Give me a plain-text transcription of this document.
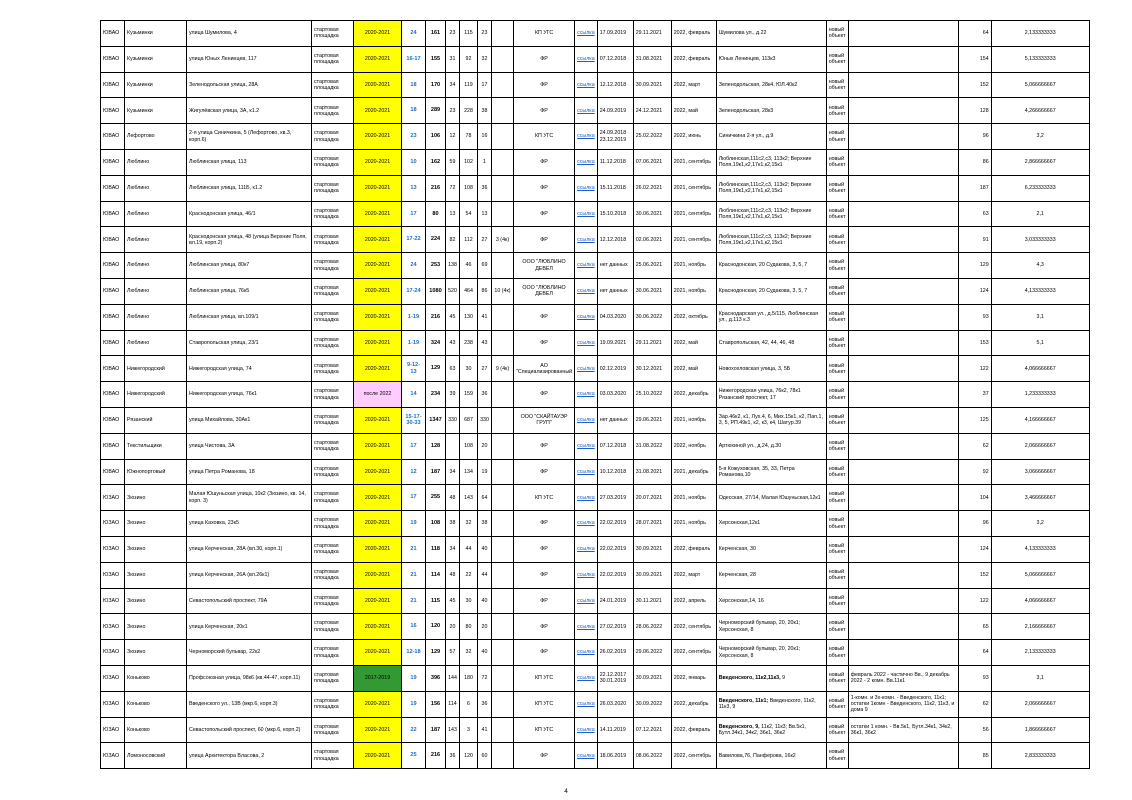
ЮВАО	Кузьминки	улица Шумилова, 4	стартовая площадка	2020-2021	24	161	23	115	23		КП УГС	ссылка	17.09.2019	29.11.2021	2022, февраль	Шумилова ул., д.22	новый объект		64	2,133333333
ЮВАО	Кузьминки	улица Юных Ленинцев, 117	стартовая площадка	2020-2021	16-17	155	31	92	32		ФР	ссылка	07.12.2018	31.08.2021	2022, февраль	Юных Ленинцев, 113к3	новый объект		154	5,133333333
ЮВАО	Кузьминки	Зеленодольская улица, 28А	стартовая площадка	2020-2021	18	170	34	119	17		ФР	ссылка	12.12.2018	30.09.2021	2022, март	Зеленодольская, 28к4, ЮЛ.40к2	новый объект		152	5,066666667
ЮВАО	Кузьминки	Жигулёвская улица, 3А, к1.2	стартовая площадка	2020-2021	18	289	23	228	38		ФР	ссылка	24.09.2019	24.12.2021	2022, май	Зеленодольская, 28к3	новый объект		128	4,266666667
ЮВАО	Лефортово	2-я улица Синичкина, 5 (Лефортово, кв.3, корп.6)	стартовая площадка	2020-2021	23	106	12	78	16		КП УГС	ссылка	24.09.2018 23.12.2019	25.02.2022	2022, июнь	Синичкина 2-я ул., д.9	новый объект		96	3,2
ЮВАО	Люблино	Люблинская улица, 113	стартовая площадка	2020-2021	10	162	59	102	1		ФР	ссылка	11.12.2018	07.06.2021	2021, сентябрь	Люблинская,111с2,с3, 113к2; Верхние Поля,19к1,к2,17к1,к2,15к1	новый объект		86	2,866666667
ЮВАО	Люблино	Люблинская улица, 111Б, к1.2	стартовая площадка	2020-2021	13	216	72	108	36		ФР	ссылка	15.11.2018	26.02.2021	2021, сентябрь	Люблинская,111с2,с3, 113к2; Верхние Поля,19к1,к2,17к1,к2,15к1	новый объект		187	6,233333333
ЮВАО	Люблино	Краснодонская улица, 46/1	стартовая площадка	2020-2021	17	80	13	54	13		ФР	ссылка	15.10.2018	30.06.2021	2021, сентябрь	Люблинская,111с2,с3, 113к2; Верхние Поля,19к1,к2,17к1,к2,15к1	новый объект		63	2,1
ЮВАО	Люблино	Краснодонская улица, 48 (улица Верхние Поля, вл.19, корп.2)	стартовая площадка	2020-2021	17-22	224	82	112	27	3 (4к)	ФР	ссылка	12.12.2018	02.06.2021	2021, сентябрь	Люблинская,111с2,с3, 113к2; Верхние Поля,19к1,к2,17к1,к2,15к1	новый объект		91	3,033333333
ЮВАО	Люблино	Люблинская улица, 80к7	стартовая площадка	2020-2021	24	253	138	46	69		ООО "ЛЮБЛИНО ДЕВЕЛ	ссылка	нет данных	25.06.2021	2021, ноябрь	Краснодонская, 20 Судакова, 3, 5, 7	новый объект		129	4,3
ЮВАО	Люблино	Люблинская улица, 76к5	стартовая площадка	2020-2021	17-24	1080	520	464	86	10 (4к)	ООО "ЛЮБЛИНО ДЕВЕЛ	ссылка	нет данных	30.06.2021	2021, ноябрь	Краснодонская, 20 Судакова, 3, 5, 7	новый объект		124	4,133333333
ЮВАО	Люблино	Люблинская улица, вл.109/1	стартовая площадка	2020-2021	1-19	216	45	130	41		ФР	ссылка	04.03.2020	30.06.2022	2022, октябрь	Краснодарская ул., д.5/115, Люблинская ул., д.113 к.3	новый объект		93	3,1
ЮВАО	Люблино	Ставропольская улица, 23/1	стартовая площадка	2020-2021	1-19	324	43	238	43		ФР	ссылка	19.09.2021	29.11.2021	2022, май	Ставропольская, 42, 44, 46, 48	новый объект		153	5,1
ЮВАО	Нижегородский	Нижегородская улица, 74	стартовая площадка	2020-2021	9-12-13	129	63	30	27	9 (4к)	АО "Специализированный	ссылка	02.12.2019	30.12.2021	2022, май	Новохохловская улица, 3, 5Б	новый объект		122	4,066666667
ЮВАО	Нижегородский	Нижегородская улица, 76к1	стартовая площадка	после 2022	14	234	39	159	36		ФР	ссылка	03.03.2020	25.10.2022	2022, декабрь	Нижегородская улица, 76к2, 78к1 Рязанский проспект, 17	новый объект		37	1,233333333
ЮВАО	Рязанский	улица Михайлова, 30Ак1	стартовая площадка	2020-2021	15-17-30-33	1347	330	687	330		ООО "СКАЙТАУЭР ГРУП"	ссылка	нет данных	29.06.2021	2021, ноябрь	Зар.46к2, к1, Лух.4, 6, Мих.15к1, к2, Пап.1, 3, 5, РП.49к1, к2, к3, к4, Шатур.39	новый объект		125	4,166666667
ЮВАО	Текстильщики	улица Чистова, 3А	стартовая площадка	2020-2021	17	128		108	20		ФР	ссылка	07.12.2018	31.08.2022	2022, ноябрь	Артюхиной ул., д.24, д.30	новый объект		62	2,066666667
ЮВАО	Южнопортовый	улица Петра Романова, 18	стартовая площадка	2020-2021	12	187	34	134	19		ФР	ссылка	10.12.2018	31.08.2021	2021, декабрь	5-я Кожуховская, 35, 33, Петра Романова,10	новый объект		92	3,066666667
ЮЗАО	Зюзино	Малая Юшуньская улица, 10к2 (Зюзино, кв. 14, корп. 3)	стартовая площадка	2020-2021	17	255	48	143	64		КП УГС	ссылка	27.03.2019	20.07.2021	2021, ноябрь	Одесская, 27/14, Малая Юшуньская,12к1	новый объект		104	3,466666667
ЮЗАО	Зюзино	улица Каховка, 23к5	стартовая площадка	2020-2021	19	108	38	32	38		ФР	ссылка	22.02.2019	28.07.2021	2021, ноябрь	Херсонская,12к1	новый объект		96	3,2
ЮЗАО	Зюзино	улица Керченская, 28А (вл.30, корп.1)	стартовая площадка	2020-2021	21	118	34	44	40		ФР	ссылка	22.02.2019	30.09.2021	2022, февраль	Керченская, 30	новый объект		124	4,133333333
ЮЗАО	Зюзино	улица Керченская, 26А (вл.26к1)	стартовая площадка	2020-2021	21	114	48	22	44		ФР	ссылка	22.02.2019	30.09.2021	2022, март	Керченская, 28	новый объект		152	5,066666667
ЮЗАО	Зюзино	Севастопольский проспект, 79А	стартовая площадка	2020-2021	21	115	45	30	40		ФР	ссылка	24.01.2019	30.11.2021	2022, апрель	Херсонская,14, 16	новый объект		122	4,066666667
ЮЗАО	Зюзино	улица Керченская, 20к1	стартовая площадка	2020-2021	16	120	20	80	20		ФР	ссылка	27.02.2019	28.06.2022	2022, сентябрь	Черноморский бульвар, 20, 20к1; Херсонская, 8	новый объект		65	2,166666667
ЮЗАО	Зюзино	Черноморский бульвар, 22к2	стартовая площадка	2020-2021	12-18	129	57	32	40		ФР	ссылка	26.02.2019	29.06.2022	2022, сентябрь	Черноморский бульвар, 20, 20к1; Херсонская, 8	новый объект		64	2,133333333
ЮЗАО	Коньково	Профсоюзная улица, 98к6 (кв.44-47, корп.11)	стартовая площадка	2017-2019	19	396	144	180	72		КП УГС	ссылка	22.12.2017 30.01.2019	30.09.2021	2022, январь	Введенского, 11к2,11к3, 9	новый объект	февраль 2022 - частично Вв., 9 декабрь 2022 - 2 комн. Вв.11к1	93	3,1
ЮЗАО	Коньково	Введенского ул., 13В (мкр.6, корп.3)	стартовая площадка	2020-2021	19	156	114	6	36		КП УГС	ссылка	26.03.2020	30.09.2022	2022, декабрь	Введенского, 11к1; Введенского, 11к2, 11к3, 9	новый объект	1-комн. и 3х-комн. - Введенского, 11к1; остатки 1комн - Введенского, 11к2, 11к3, и дома 9	62	2,066666667
ЮЗАО	Коньково	Севастопольский проспект, 60 (мкр.6, корп.2)	стартовая площадка	2020-2021	22	187	143	3	41		КП УГС	ссылка	14.11.2019	07.12.2021	2022, февраль	Введенского, 9, 11к2, 11к3; Вв.5к1, Бутл.34к1, 34к2, 36к1, 36к2	новый объект	остатки 1 комн. - Вв.5к1, Бутл.34к1, 34к2, 36к1, 36к2	56	1,866666667
ЮЗАО	Ломоносовский	улица Архитектора Власова, 2	стартовая площадка	2020-2021	25	216	36	120	60		ФР	ссылка	18.06.2019	08.06.2022	2022, сентябрь	Вавилова,76, Панферова, 16к2	новый объект		85	2,833333333
4
